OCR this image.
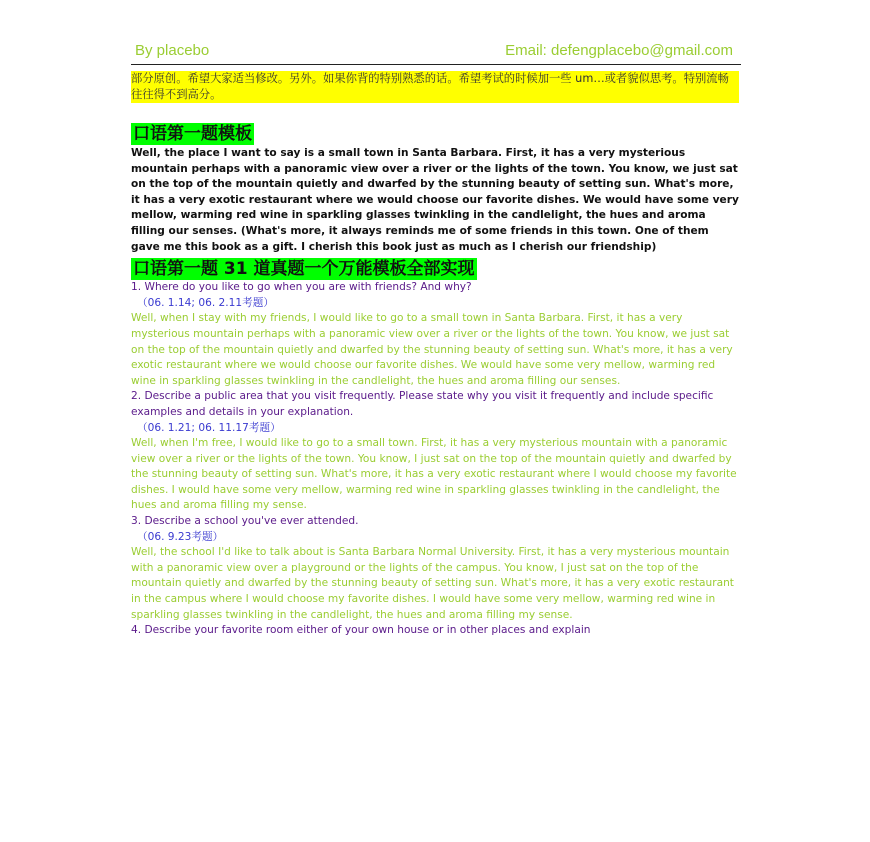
By placebo	Email: defengplacebo@gmail.com
部分原创。希望大家适当修改。另外。如果你背的特别熟悉的话。希望考试的时候加一些 um…或者貌似思考。特别流畅往往得不到高分。
口语第一题模板
Well, the place I want to say is a small town in Santa Barbara. First, it has a very mysterious mountain perhaps with a panoramic view over a river or the lights of the town. You know, we just sat on the top of the mountain quietly and dwarfed by the stunning beauty of setting sun. What's more, it has a very exotic restaurant where we would choose our favorite dishes. We would have some very mellow, warming red wine in sparkling glasses twinkling in the candlelight, the hues and aroma filling our senses. (What's more, it always reminds me of some friends in this town. One of them gave me this book as a gift. I cherish this book just as much as I cherish our friendship)
口语第一题 31 道真题一个万能模板全部实现
1. Where do you like to go when you are with friends? And why?
（06. 1.14; 06. 2.11考题）
Well, when I stay with my friends, I would like to go to a small town in Santa Barbara. First, it has a very mysterious mountain perhaps with a panoramic view over a river or the lights of the town. You know, we just sat on the top of the mountain quietly and dwarfed by the stunning beauty of setting sun. What's more, it has a very exotic restaurant where we would choose our favorite dishes. We would have some very mellow, warming red wine in sparkling glasses twinkling in the candlelight, the hues and aroma filling our senses.
2. Describe a public area that you visit frequently. Please state why you visit it frequently and include specific examples and details in your explanation.
（06. 1.21; 06. 11.17考题）
Well, when I'm free, I would like to go to a small town. First, it has a very mysterious mountain with a panoramic view over a river or the lights of the town. You know, I just sat on the top of the mountain quietly and dwarfed by the stunning beauty of setting sun. What's more, it has a very exotic restaurant where I would choose my favorite dishes. I would have some very mellow, warming red wine in sparkling glasses twinkling in the candlelight, the hues and aroma filling my sense.
3. Describe a school you've ever attended.
（06. 9.23考题）
Well, the school I'd like to talk about is Santa Barbara Normal University. First, it has a very mysterious mountain with a panoramic view over a playground or the lights of the campus. You know, I just sat on the top of the mountain quietly and dwarfed by the stunning beauty of setting sun. What's more, it has a very exotic restaurant in the campus where I would choose my favorite dishes. I would have some very mellow, warming red wine in sparkling glasses twinkling in the candlelight, the hues and aroma filling my sense.
4. Describe your favorite room either of your own house or in other places and explain
